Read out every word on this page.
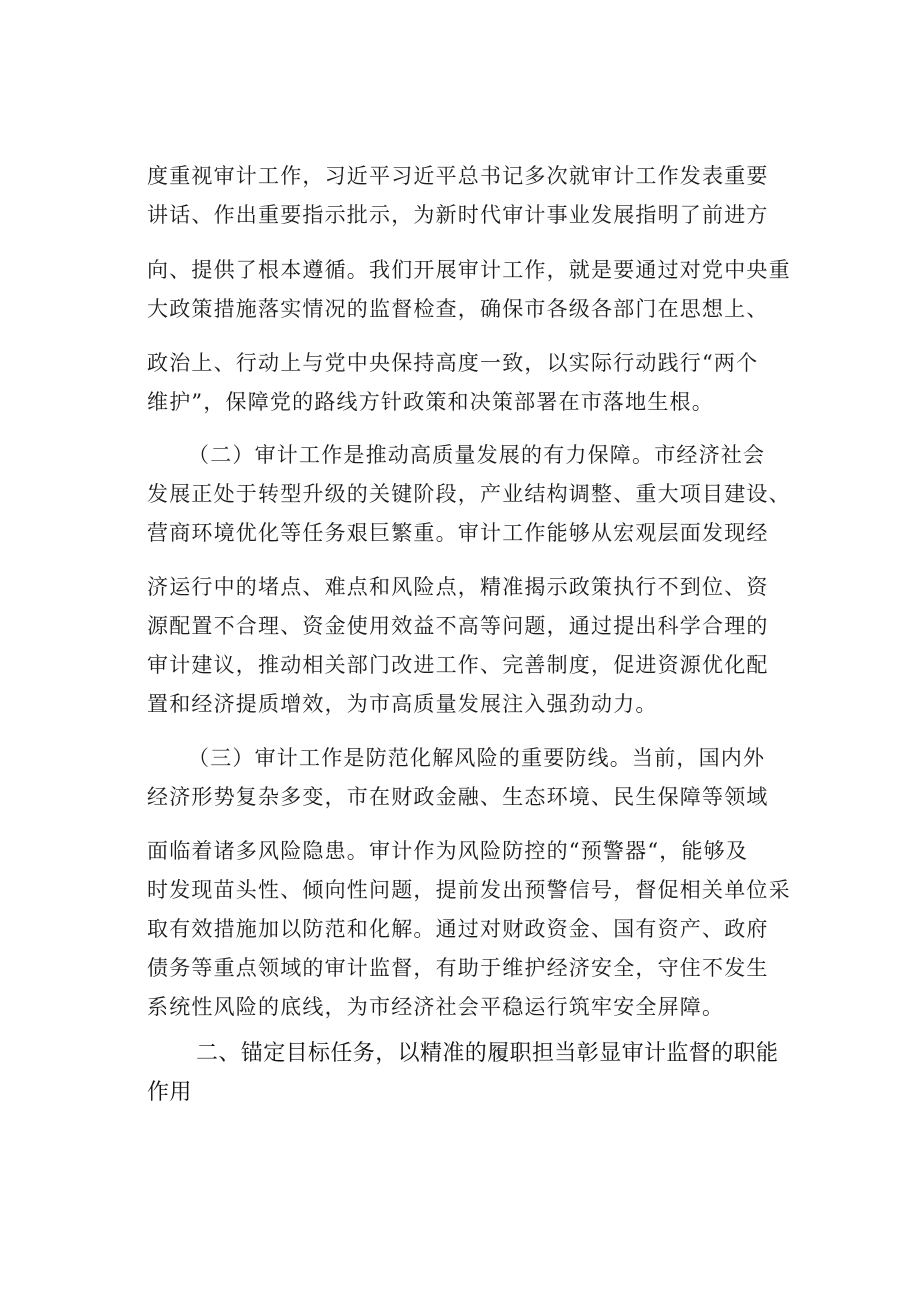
度重视审计工作，习近平习近平总书记多次就审计工作发表重要

讲话、作出重要指示批示，为新时代审计事业发展指明了前进方

向、提供了根本遵循。我们开展审计工作，就是要通过对党中央重

大政策措施落实情况的监督检查，确保市各级各部门在思想上、

政治上、行动上与党中央保持高度一致，以实际行动践行“两个

维护”，保障党的路线方针政策和决策部署在市落地生根。

（二）审计工作是推动高质量发展的有力保障。市经济社会

发展正处于转型升级的关键阶段，产业结构调整、重大项目建设、

营商环境优化等任务艰巨繁重。审计工作能够从宏观层面发现经

济运行中的堵点、难点和风险点，精准揭示政策执行不到位、资

源配置不合理、资金使用效益不高等问题，通过提出科学合理的

审计建议，推动相关部门改进工作、完善制度，促进资源优化配

置和经济提质增效，为市高质量发展注入强劲动力。

（三）审计工作是防范化解风险的重要防线。当前，国内外

经济形势复杂多变，市在财政金融、生态环境、民生保障等领域

面临着诸多风险隐患。审计作为风险防控的“预警器“，能够及

时发现苗头性、倾向性问题，提前发出预警信号，督促相关单位采

取有效措施加以防范和化解。通过对财政资金、国有资产、政府

债务等重点领域的审计监督，有助于维护经济安全，守住不发生

系统性风险的底线，为市经济社会平稳运行筑牢安全屏障。

二、锚定目标任务，以精准的履职担当彰显审计监督的职能

作用
